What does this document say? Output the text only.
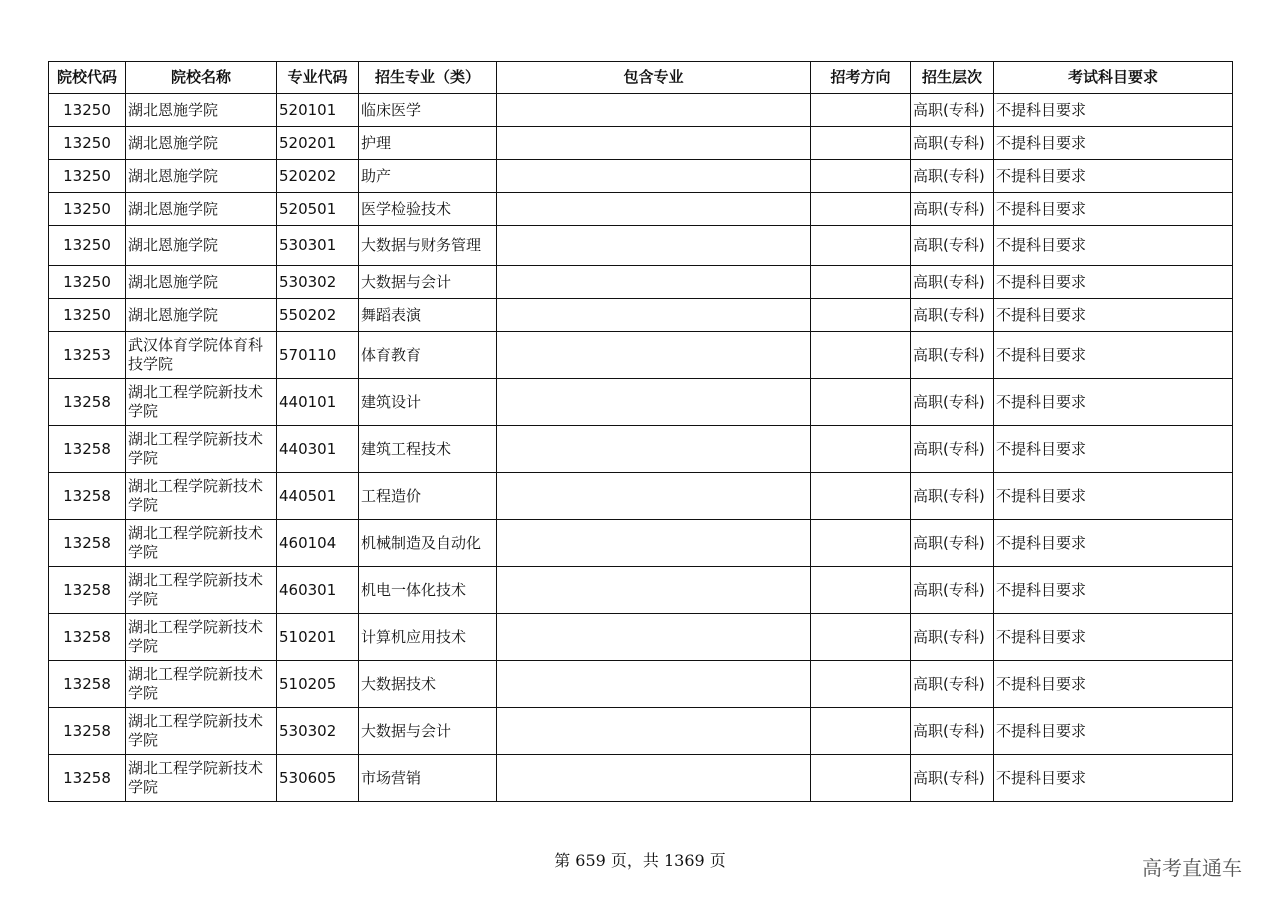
院校代码	院校名称	专业代码	招生专业（类）	包含专业	招考方向	招生层次	考试科目要求
13250	湖北恩施学院	520101	临床医学			高职(专科)	不提科目要求
13250	湖北恩施学院	520201	护理			高职(专科)	不提科目要求
13250	湖北恩施学院	520202	助产			高职(专科)	不提科目要求
13250	湖北恩施学院	520501	医学检验技术			高职(专科)	不提科目要求
13250	湖北恩施学院	530301	大数据与财务管理			高职(专科)	不提科目要求
13250	湖北恩施学院	530302	大数据与会计			高职(专科)	不提科目要求
13250	湖北恩施学院	550202	舞蹈表演			高职(专科)	不提科目要求
13253	武汉体育学院体育科技学院	570110	体育教育			高职(专科)	不提科目要求
13258	湖北工程学院新技术学院	440101	建筑设计			高职(专科)	不提科目要求
13258	湖北工程学院新技术学院	440301	建筑工程技术			高职(专科)	不提科目要求
13258	湖北工程学院新技术学院	440501	工程造价			高职(专科)	不提科目要求
13258	湖北工程学院新技术学院	460104	机械制造及自动化			高职(专科)	不提科目要求
13258	湖北工程学院新技术学院	460301	机电一体化技术			高职(专科)	不提科目要求
13258	湖北工程学院新技术学院	510201	计算机应用技术			高职(专科)	不提科目要求
13258	湖北工程学院新技术学院	510205	大数据技术			高职(专科)	不提科目要求
13258	湖北工程学院新技术学院	530302	大数据与会计			高职(专科)	不提科目要求
13258	湖北工程学院新技术学院	530605	市场营销			高职(专科)	不提科目要求
第 659 页，共 1369 页	高考直通车
